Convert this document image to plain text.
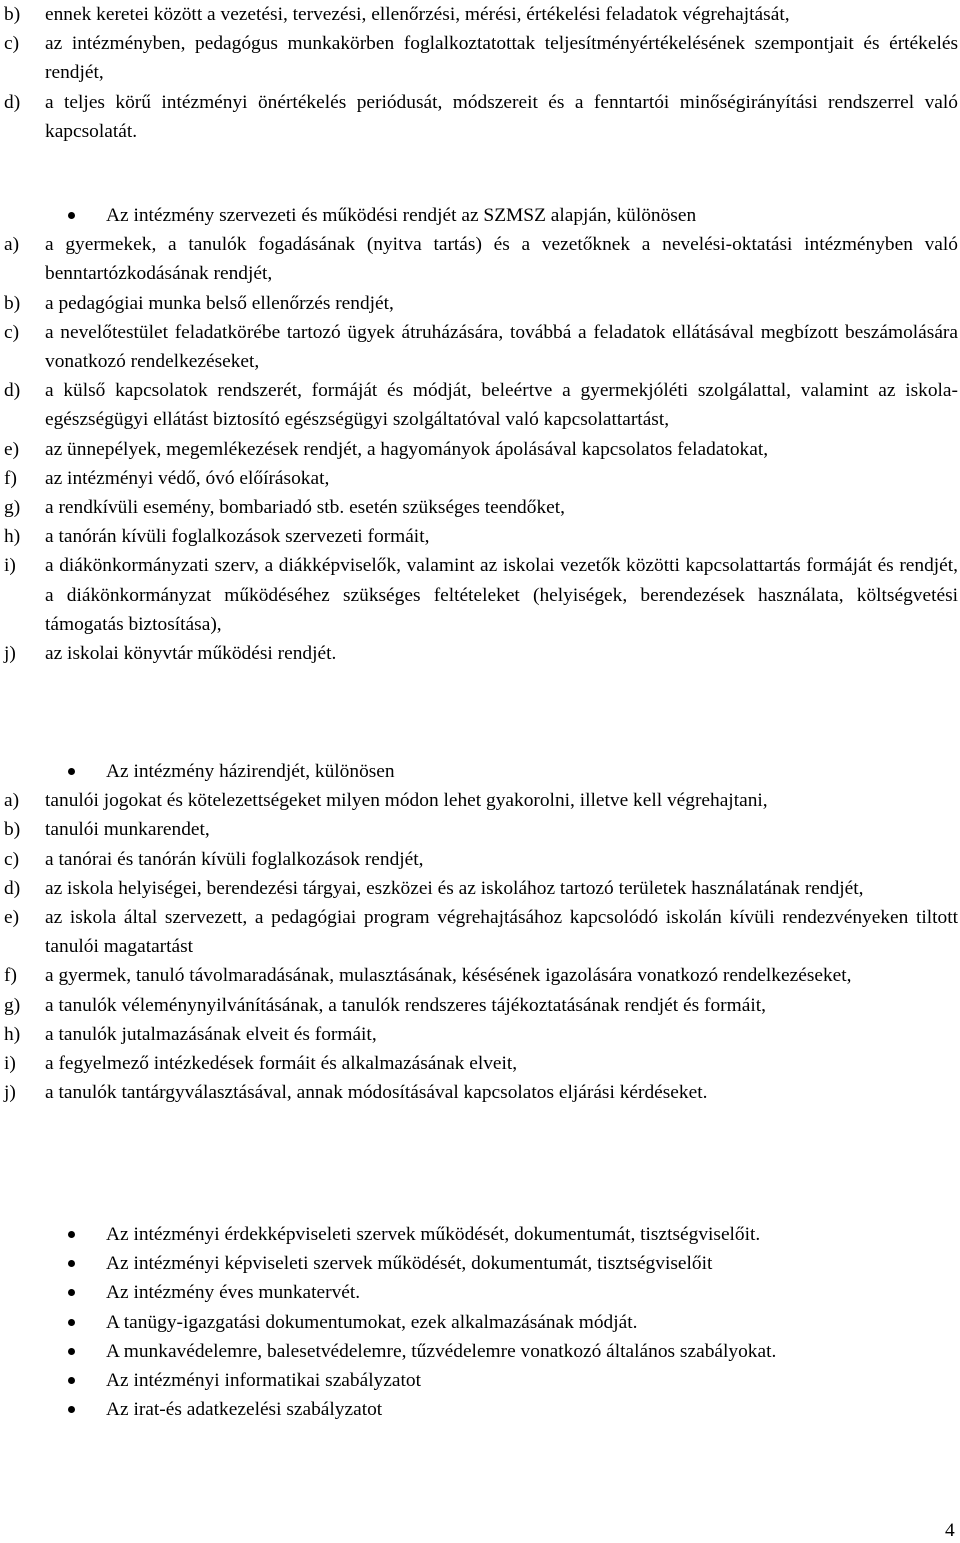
b)	ennek keretei között a vezetési, tervezési, ellenőrzési, mérési, értékelési feladatok végrehajtását,
c)	az intézményben, pedagógus munkakörben foglalkoztatottak teljesítményértékelésének szempontjait és értékelés rendjét,
d)	a teljes körű intézményi önértékelés periódusát, módszereit és a fenntartói minőségirányítási rendszerrel való kapcsolatát.
Az intézmény szervezeti és működési rendjét az SZMSZ alapján, különösen
a)	a gyermekek, a tanulók fogadásának (nyitva tartás) és a vezetőknek a nevelési-oktatási intézményben való benntartózkodásának rendjét,
b)	a pedagógiai munka belső ellenőrzés rendjét,
c)	a nevelőtestület feladatkörébe tartozó ügyek átruházására, továbbá a feladatok ellátásával megbízott beszámolására vonatkozó rendelkezéseket,
d)	a külső kapcsolatok rendszerét, formáját és módját, beleértve a gyermekjóléti szolgálattal, valamint az iskola-egészségügyi ellátást biztosító egészségügyi szolgáltatóval való kapcsolattartást,
e)	az ünnepélyek, megemlékezések rendjét, a hagyományok ápolásával kapcsolatos feladatokat,
f)	az intézményi védő, óvó előírásokat,
g)	a rendkívüli esemény, bombariadó stb. esetén szükséges teendőket,
h)	a tanórán kívüli foglalkozások szervezeti formáit,
i)	a diákönkormányzati szerv, a diákképviselők, valamint az iskolai vezetők közötti kapcsolattartás formáját és rendjét, a diákönkormányzat működéséhez szükséges feltételeket (helyiségek, berendezések használata, költségvetési támogatás biztosítása),
j)	az iskolai könyvtár működési rendjét.
Az intézmény házirendjét, különösen
a)	tanulói jogokat és kötelezettségeket milyen módon lehet gyakorolni, illetve kell végrehajtani,
b)	tanulói munkarendet,
c)	a tanórai és tanórán kívüli foglalkozások rendjét,
d)	az iskola helyiségei, berendezési tárgyai, eszközei és az iskolához tartozó területek használatának rendjét,
e)	az iskola által szervezett, a pedagógiai program végrehajtásához kapcsolódó iskolán kívüli rendezvényeken tiltott tanulói magatartást
f)	a gyermek, tanuló távolmaradásának, mulasztásának, késésének igazolására vonatkozó rendelkezéseket,
g)	a tanulók véleménynyilvánításának, a tanulók rendszeres tájékoztatásának rendjét és formáit,
h)	a tanulók jutalmazásának elveit és formáit,
i)	a fegyelmező intézkedések formáit és alkalmazásának elveit,
j)	a tanulók tantárgyválasztásával, annak módosításával kapcsolatos eljárási kérdéseket.
Az intézményi érdekképviseleti szervek működését, dokumentumát, tisztségviselőit.
Az intézményi képviseleti szervek működését, dokumentumát, tisztségviselőit
Az intézmény éves munkatervét.
A tanügy-igazgatási dokumentumokat, ezek alkalmazásának módját.
A munkavédelemre, balesetvédelemre, tűzvédelemre vonatkozó általános szabályokat.
Az intézményi informatikai szabályzatot
Az irat-és adatkezelési szabályzatot
4
